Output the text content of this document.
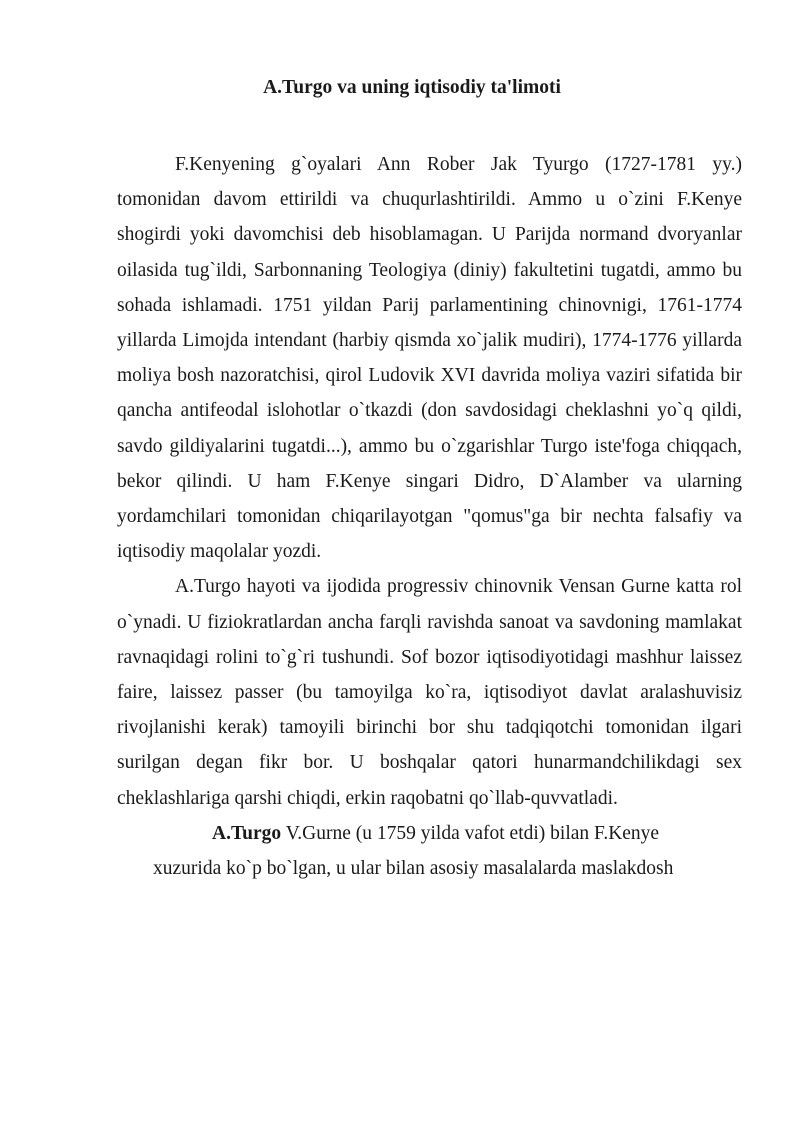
A.Turgo va uning iqtisodiy ta'limoti

F.Kenyening g`oyalari Ann Rober Jak Tyurgo (1727-1781 yy.) tomonidan davom ettirildi va chuqurlashtirildi. Ammo u o`zini F.Kenye shogirdi yoki davomchisi deb hisoblamagan. U Parijda normand dvoryanlar oilasida tug`ildi, Sarbonnaning Teologiya (diniy) fakultetini tugatdi, ammo bu sohada ishlamadi. 1751 yildan Parij parlamentining chinovnigi, 1761-1774 yillarda Limojda intendant (harbiy qismda xo`jalik mudiri), 1774-1776 yillarda moliya bosh nazoratchisi, qirol Ludovik XVI davrida moliya vaziri sifatida bir qancha antifeodal islohotlar o`tkazdi (don savdosidagi cheklashni yo`q qildi, savdo gildiyalarini tugatdi...), ammo bu o`zgarishlar Turgo iste'foga chiqqach, bekor qilindi. U ham F.Kenye singari Didro, D`Alamber va ularning yordamchilari tomonidan chiqarilayotgan "qomus"ga bir nechta falsafiy va iqtisodiy maqolalar yozdi.

A.Turgo hayoti va ijodida progressiv chinovnik Vensan Gurne katta rol o`ynadi. U fiziokratlardan ancha farqli ravishda sanoat va savdoning mamlakat ravnaqidagi rolini to`g`ri tushundi. Sof bozor iqtisodiyotidagi mashhur laissez faire, laissez passer (bu tamoyilga ko`ra, iqtisodiyot davlat aralashuvisiz rivojlanishi kerak) tamoyili birinchi bor shu tadqiqotchi tomonidan ilgari surilgan degan fikr bor. U boshqalar qatori hunarmandchilikdagi sex cheklashlariga qarshi chiqdi, erkin raqobatni qo`llab-quvvatladi.

A.Turgo V.Gurne (u 1759 yilda vafot etdi) bilan F.Kenye
xuzurida ko`p bo`lgan, u ular bilan asosiy masalalarda maslakdosh
